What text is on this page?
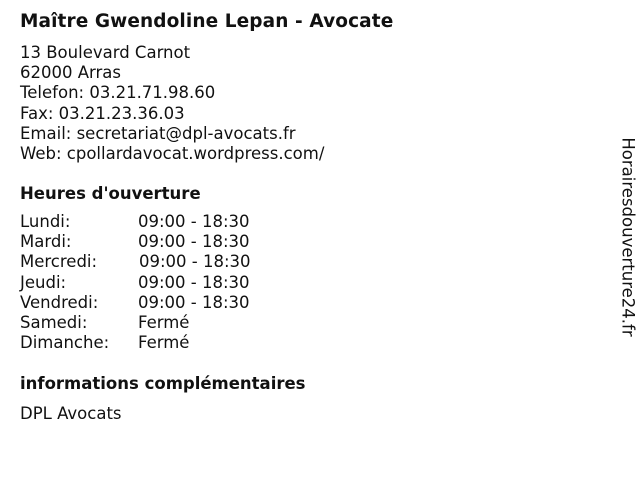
Maître Gwendoline Lepan - Avocate
13 Boulevard Carnot
62000 Arras
Telefon: 03.21.71.98.60
Fax: 03.21.23.36.03
Email: secretariat@dpl-avocats.fr
Web: cpollardavocat.wordpress.com/
Heures d'ouverture
Lundi:	09:00 - 18:30
Mardi:	09:00 - 18:30
Mercredi:	09:00 - 18:30
Jeudi:	09:00 - 18:30
Vendredi: 09:00 - 18:30
Samedi:	Fermé
Dimanche: Fermé
informations complémentaires
DPL Avocats
Horairesdouverture24.fr
